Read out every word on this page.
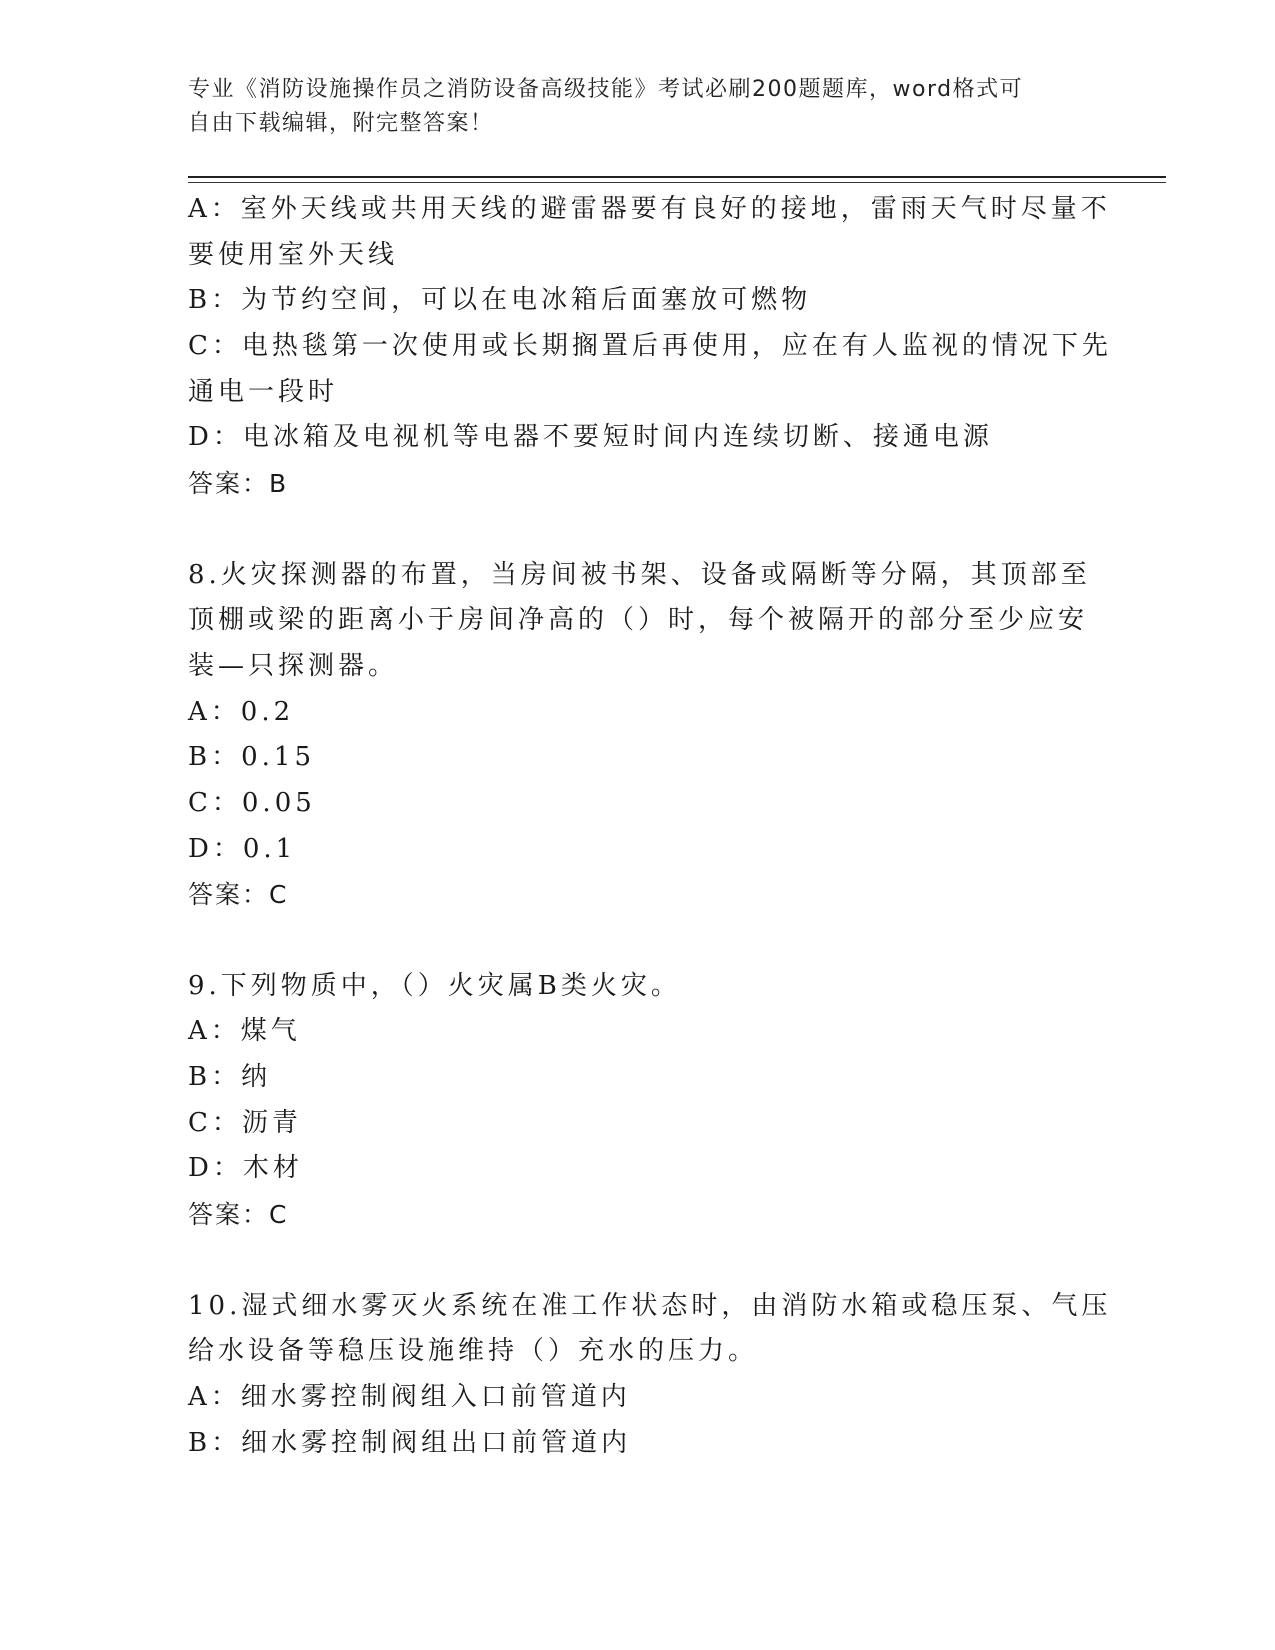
专业《消防设施操作员之消防设备高级技能》考试必刷200题题库，word格式可
自由下载编辑，附完整答案！
A：室外天线或共用天线的避雷器要有良好的接地，雷雨天气时尽量不
要使用室外天线
B：为节约空间，可以在电冰箱后面塞放可燃物
C：电热毯第一次使用或长期搁置后再使用，应在有人监视的情况下先
通电一段时
D：电冰箱及电视机等电器不要短时间内连续切断、接通电源
答案：B
8.火灾探测器的布置，当房间被书架、设备或隔断等分隔，其顶部至
顶棚或梁的距离小于房间净高的（）时，每个被隔开的部分至少应安
装—只探测器。
A：0.2
B：0.15
C：0.05
D：0.1
答案：C
9.下列物质中，（）火灾属B类火灾。
A：煤气
B：纳
C：沥青
D：木材
答案：C
10.湿式细水雾灭火系统在准工作状态时，由消防水箱或稳压泵、气压
给水设备等稳压设施维持（）充水的压力。
A：细水雾控制阀组入口前管道内
B：细水雾控制阀组出口前管道内
